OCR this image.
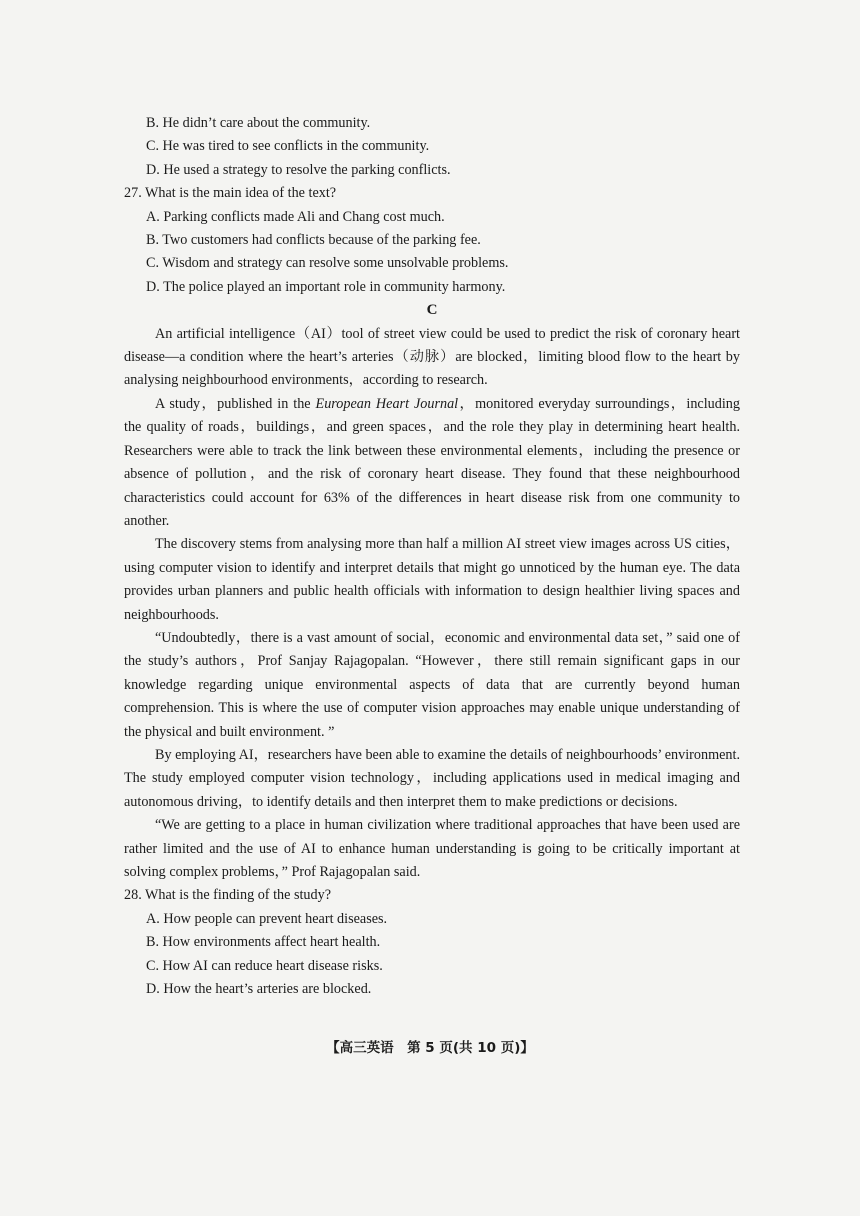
B. He didn’t care about the community.
C. He was tired to see conflicts in the community.
D. He used a strategy to resolve the parking conflicts.
27. What is the main idea of the text?
A. Parking conflicts made Ali and Chang cost much.
B. Two customers had conflicts because of the parking fee.
C. Wisdom and strategy can resolve some unsolvable problems.
D. The police played an important role in community harmony.
C
An artificial intelligence（AI）tool of street view could be used to predict the risk of coronary heart disease—a condition where the heart’s arteries（动脉）are blocked，limiting blood flow to the heart by analysing neighbourhood environments，according to research.
A study，published in the European Heart Journal，monitored everyday surroundings，including the quality of roads，buildings，and green spaces，and the role they play in determining heart health. Researchers were able to track the link between these environmental elements，including the presence or absence of pollution，and the risk of coronary heart disease. They found that these neighbourhood characteristics could account for 63% of the differences in heart disease risk from one community to another.
The discovery stems from analysing more than half a million AI street view images across US cities，using computer vision to identify and interpret details that might go unnoticed by the human eye. The data provides urban planners and public health officials with information to design healthier living spaces and neighbourhoods.
“Undoubtedly，there is a vast amount of social，economic and environmental data set，” said one of the study’s authors，Prof Sanjay Rajagopalan. “However，there still remain significant gaps in our knowledge regarding unique environmental aspects of data that are currently beyond human comprehension. This is where the use of computer vision approaches may enable unique understanding of the physical and built environment. ”
By employing AI，researchers have been able to examine the details of neighbourhoods’ environment. The study employed computer vision technology，including applications used in medical imaging and autonomous driving，to identify details and then interpret them to make predictions or decisions.
“We are getting to a place in human civilization where traditional approaches that have been used are rather limited and the use of AI to enhance human understanding is going to be critically important at solving complex problems，” Prof Rajagopalan said.
28. What is the finding of the study?
A. How people can prevent heart diseases.
B. How environments affect heart health.
C. How AI can reduce heart disease risks.
D. How the heart’s arteries are blocked.
【高三英语　第 5 页(共 10 页)】
